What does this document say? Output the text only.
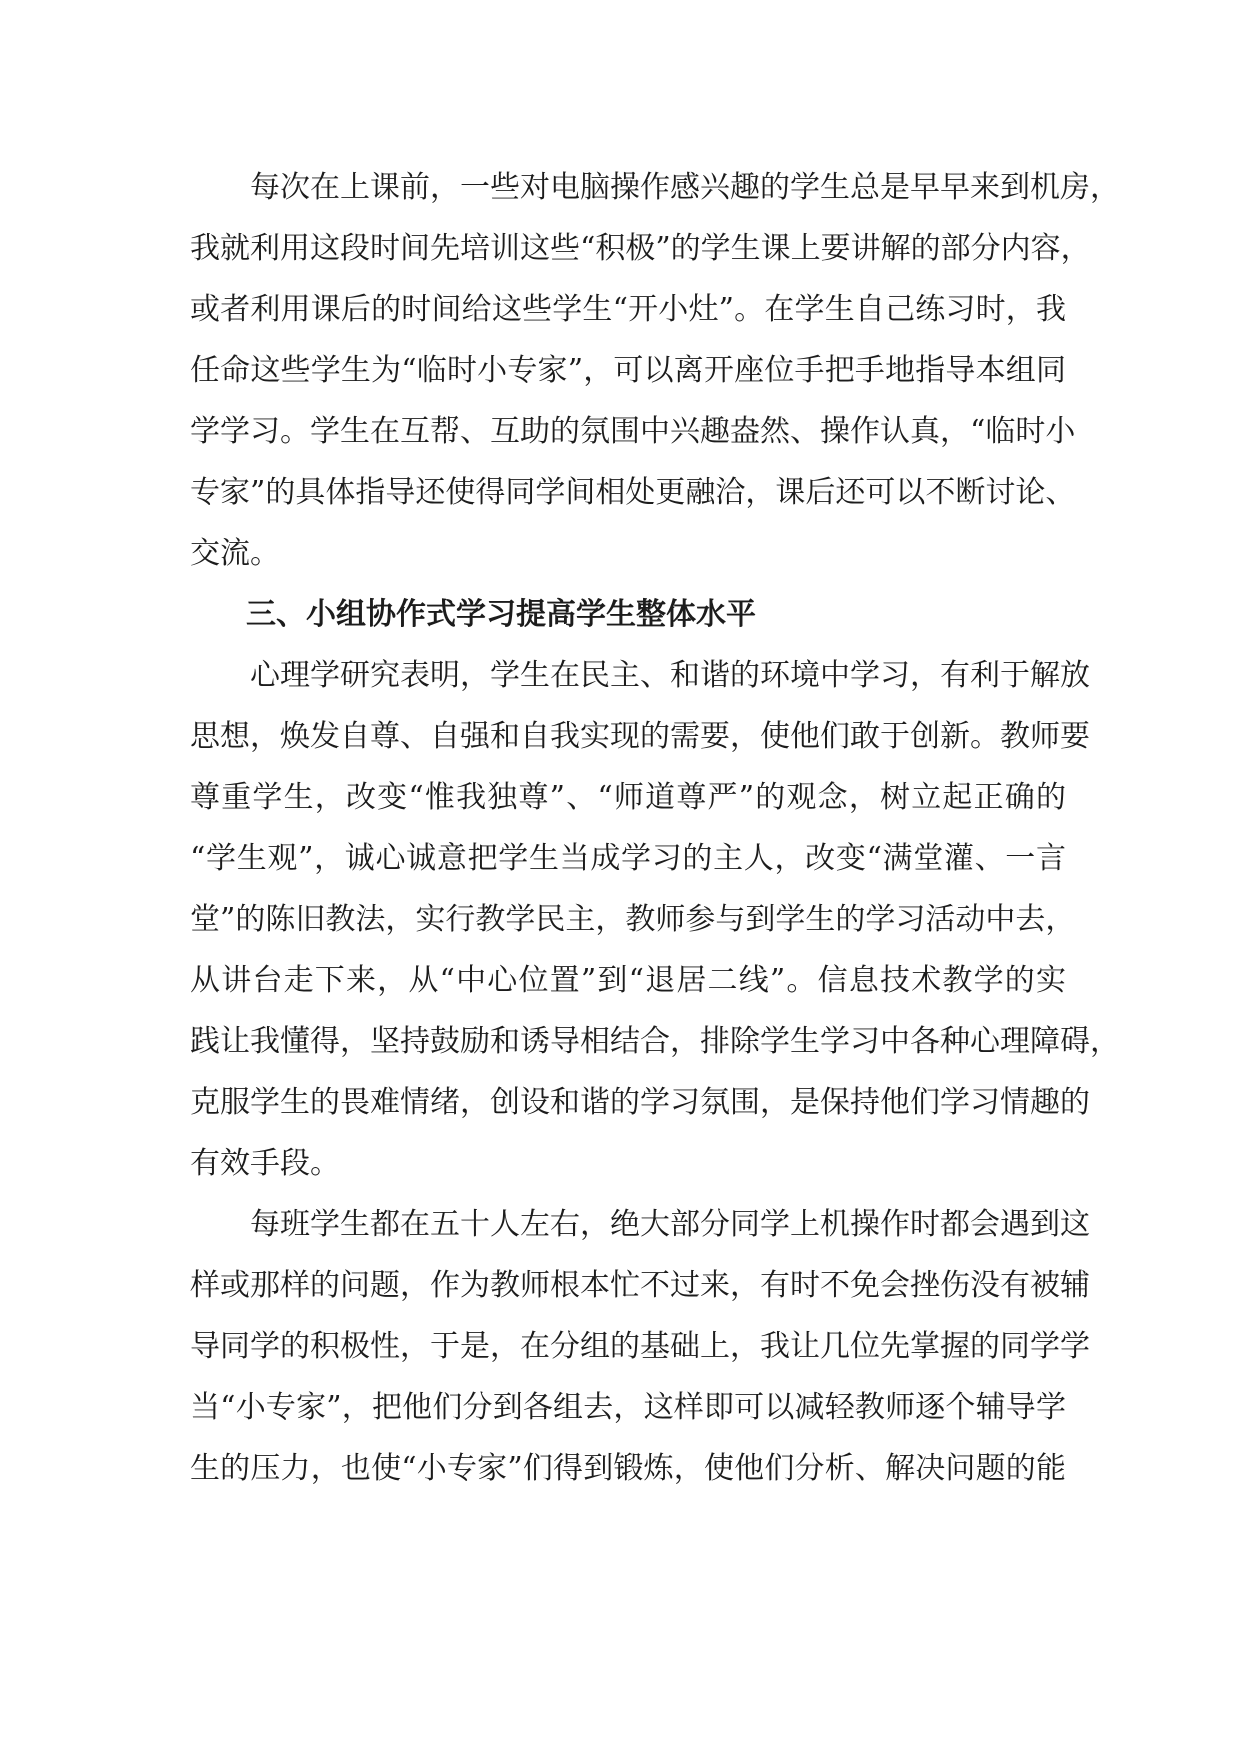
　　每次在上课前，一些对电脑操作感兴趣的学生总是早早来到机房，
我就利用这段时间先培训这些“积极”的学生课上要讲解的部分内容，
或者利用课后的时间给这些学生“开小灶”。在学生自己练习时，我
任命这些学生为“临时小专家”，可以离开座位手把手地指导本组同
学学习。学生在互帮、互助的氛围中兴趣盎然、操作认真，“临时小
专家”的具体指导还使得同学间相处更融洽，课后还可以不断讨论、
交流。
三、小组协作式学习提高学生整体水平
　　心理学研究表明，学生在民主、和谐的环境中学习，有利于解放
思想，焕发自尊、自强和自我实现的需要，使他们敢于创新。教师要
尊重学生，改变“惟我独尊”、“师道尊严”的观念，树立起正确的
“学生观”，诚心诚意把学生当成学习的主人，改变“满堂灌、一言
堂”的陈旧教法，实行教学民主，教师参与到学生的学习活动中去，
从讲台走下来，从“中心位置”到“退居二线”。信息技术教学的实
践让我懂得，坚持鼓励和诱导相结合，排除学生学习中各种心理障碍，
克服学生的畏难情绪，创设和谐的学习氛围，是保持他们学习情趣的
有效手段。
　　每班学生都在五十人左右，绝大部分同学上机操作时都会遇到这
样或那样的问题，作为教师根本忙不过来，有时不免会挫伤没有被辅
导同学的积极性，于是，在分组的基础上，我让几位先掌握的同学学
当“小专家”，把他们分到各组去，这样即可以减轻教师逐个辅导学
生的压力，也使“小专家”们得到锻炼，使他们分析、解决问题的能
